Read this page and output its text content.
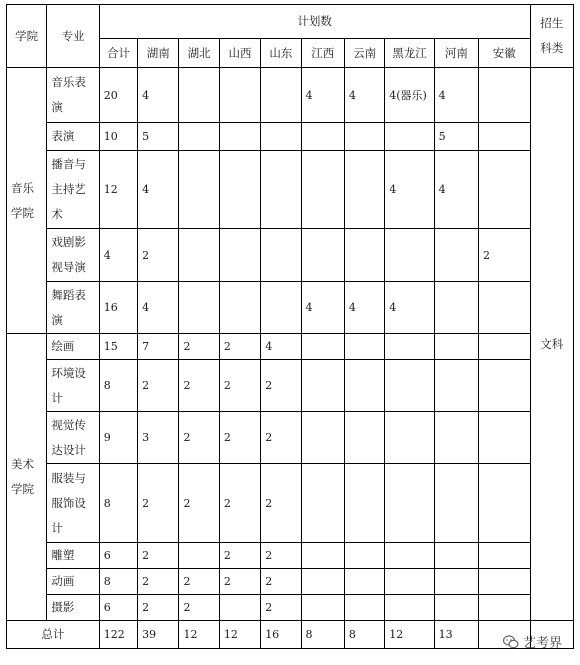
学院	专业	计划数										招生科类
		合计	湖南	湖北	山西	山东	江西	云南	黑龙江	河南	安徽	
音乐学院	音乐表演	20	4				4	4	4(器乐)	4		文科
	表演	10	5							5		
	播音与主持艺术	12	4						4	4		
	戏剧影视导演	4	2								2	
	舞蹈表演	16	4				4	4	4			
美术学院	绘画	15	7	2	2	4						
	环境设计	8	2	2	2	2						
	视觉传达设计	9	3	2	2	2						
	服装与服饰设计	8	2	2	2	2						
	雕塑	6	2		2	2						
	动画	8	2	2	2	2						
	摄影	6	2	2		2						
总计		122	39	12	12	16	8	8	12	13		
艺考界
